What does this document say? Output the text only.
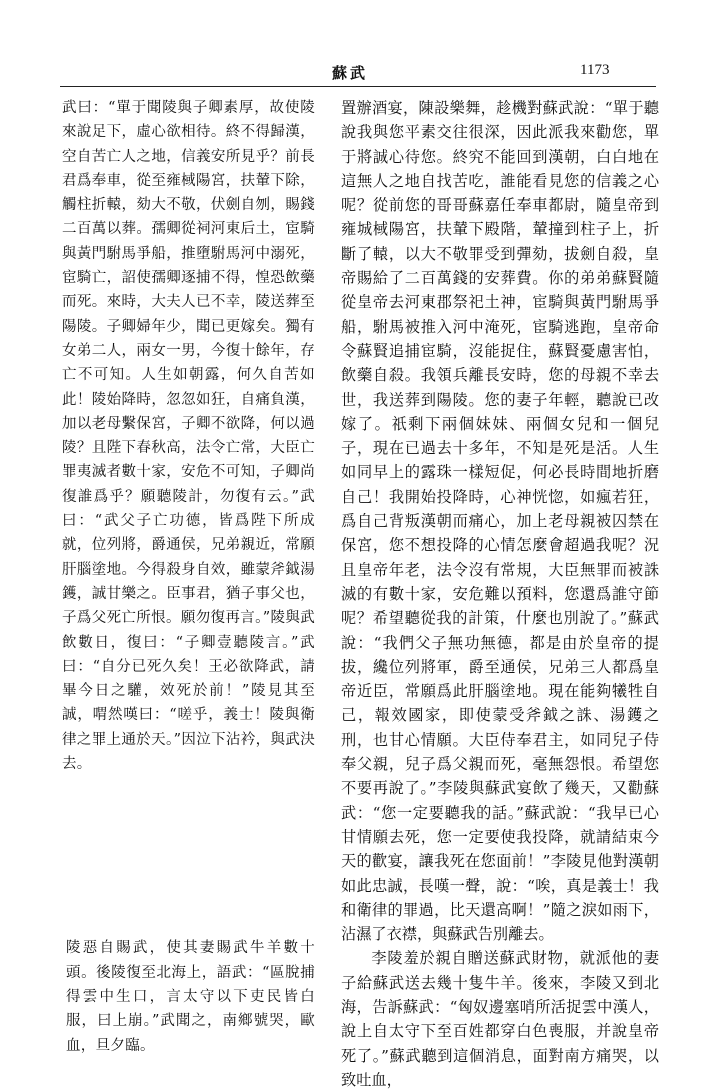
蘇武	1173

武曰：“單于聞陵與子卿素厚，故使陵來說足下，虛心欲相待。終不得歸漢，空自苦亡人之地，信義安所見乎？前長君爲奉車，從至雍棫陽宮，扶輦下除，觸柱折轅，劾大不敬，伏劍自刎，賜錢二百萬以葬。孺卿從祠河東后土，宦騎與黃門駙馬爭船，推墮駙馬河中溺死，宦騎亡，詔使孺卿逐捕不得，惶恐飲藥而死。來時，大夫人已不幸，陵送葬至陽陵。子卿婦年少，聞已更嫁矣。獨有女弟二人，兩女一男，今復十餘年，存亡不可知。人生如朝露，何久自苦如此！陵始降時，忽忽如狂，自痛負漢，加以老母繫保宮，子卿不欲降，何以過陵？且陛下春秋高，法令亡常，大臣亡罪夷滅者數十家，安危不可知，子卿尚復誰爲乎？願聽陵計，勿復有云。”武曰：“武父子亡功德，皆爲陛下所成就，位列將，爵通侯，兄弟親近，常願肝腦塗地。今得殺身自效，雖蒙斧鉞湯鑊，誠甘樂之。臣事君，猶子事父也，子爲父死亡所恨。願勿復再言。”陵與武飲數日，復曰：“子卿壹聽陵言。”武曰：“自分已死久矣！王必欲降武，請畢今日之驩，效死於前！”陵見其至誠，喟然嘆曰：“嗟乎，義士！陵與衛律之罪上通於天。”因泣下沾衿，與武決去。

陵惡自賜武，使其妻賜武牛羊數十頭。後陵復至北海上，語武：“區脫捕得雲中生口，言太守以下吏民皆白服，曰上崩。”武聞之，南鄉號哭，歐血，旦夕臨。

置辦酒宴，陳設樂舞，趁機對蘇武說：“單于聽說我與您平素交往很深，因此派我來勸您，單于將誠心待您。終究不能回到漢朝，白白地在這無人之地自找苦吃，誰能看見您的信義之心呢？從前您的哥哥蘇嘉任奉車都尉，隨皇帝到雍城棫陽宮，扶輦下殿階，輦撞到柱子上，折斷了轅，以大不敬罪受到彈劾，拔劍自殺，皇帝賜給了二百萬錢的安葬費。你的弟弟蘇賢隨從皇帝去河東郡祭祀土神，宦騎與黃門駙馬爭船，駙馬被推入河中淹死，宦騎逃跑，皇帝命令蘇賢追捕宦騎，沒能捉住，蘇賢憂慮害怕，飲藥自殺。我領兵離長安時，您的母親不幸去世，我送葬到陽陵。您的妻子年輕，聽說已改嫁了。祇剩下兩個妹妹、兩個女兒和一個兒子，現在已過去十多年，不知是死是活。人生如同早上的露珠一樣短促，何必長時間地折磨自己！我開始投降時，心神恍惚，如瘋若狂，爲自己背叛漢朝而痛心，加上老母親被囚禁在保宮，您不想投降的心情怎麼會超過我呢？況且皇帝年老，法令沒有常規，大臣無罪而被誅滅的有數十家，安危難以預料，您還爲誰守節呢？希望聽從我的計策，什麼也別說了。”蘇武說：“我們父子無功無德，都是由於皇帝的提拔，纔位列將軍，爵至通侯，兄弟三人都爲皇帝近臣，常願爲此肝腦塗地。現在能夠犧牲自己，報效國家，即使蒙受斧鉞之誅、湯鑊之刑，也甘心情願。大臣侍奉君主，如同兒子侍奉父親，兒子爲父親而死，毫無怨恨。希望您不要再說了。”李陵與蘇武宴飲了幾天，又勸蘇武：“您一定要聽我的話。”蘇武說：“我早已心甘情願去死，您一定要使我投降，就請結束今天的歡宴，讓我死在您面前！”李陵見他對漢朝如此忠誠，長嘆一聲，說：“唉，真是義士！我和衛律的罪過，比天還高啊！”隨之淚如雨下，沾濕了衣襟，與蘇武告別離去。

李陵羞於親自贈送蘇武財物，就派他的妻子給蘇武送去幾十隻牛羊。後來，李陵又到北海，告訴蘇武：“匈奴邊塞哨所活捉雲中漢人，說上自太守下至百姓都穿白色喪服，并說皇帝死了。”蘇武聽到這個消息，面對南方痛哭，以致吐血，
